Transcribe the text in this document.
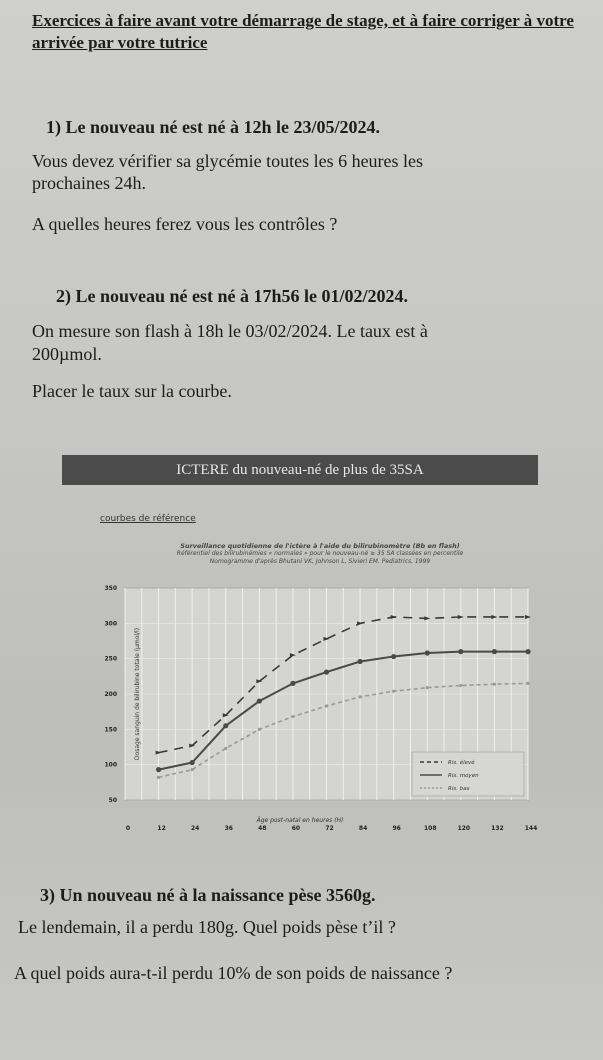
Exercices à faire avant votre démarrage de stage, et à faire corriger à votre arrivée par votre tutrice
1) Le nouveau né est né à 12h le 23/05/2024.
Vous devez vérifier sa glycémie toutes les 6 heures les
prochaines 24h.
A quelles heures ferez vous les contrôles ?
2) Le nouveau né est né à 17h56 le 01/02/2024.
On mesure son flash à 18h le 03/02/2024. Le taux est à
200µmol.
Placer le taux sur la courbe.
ICTERE du nouveau-né de plus de 35SA
courbes de référence
Surveillance quotidienne de l'ictère à l'aide du bilirubinomètre (Bb en flash)
Référentiel des bilirubinémies « normales » pour le nouveau-né ≥ 35 SA classées en percentile
Nomogramme d'après Bhutani VK, Johnson L, Sivieri EM. Pediatrics, 1999
0	12	24	36	48	60	72	84	96	108	120	132	144
50
100
150
200
250
300
350
Dosage sanguin de bilirubine totale (µmol/l)
Âge post-natal en heures (H)
Ris. élevé
Ris. moyen
Ris. bas
3) Un nouveau né à la naissance pèse 3560g.
Le lendemain, il a perdu 180g. Quel poids pèse t’il ?
A quel poids aura-t-il perdu 10% de son poids de naissance ?
